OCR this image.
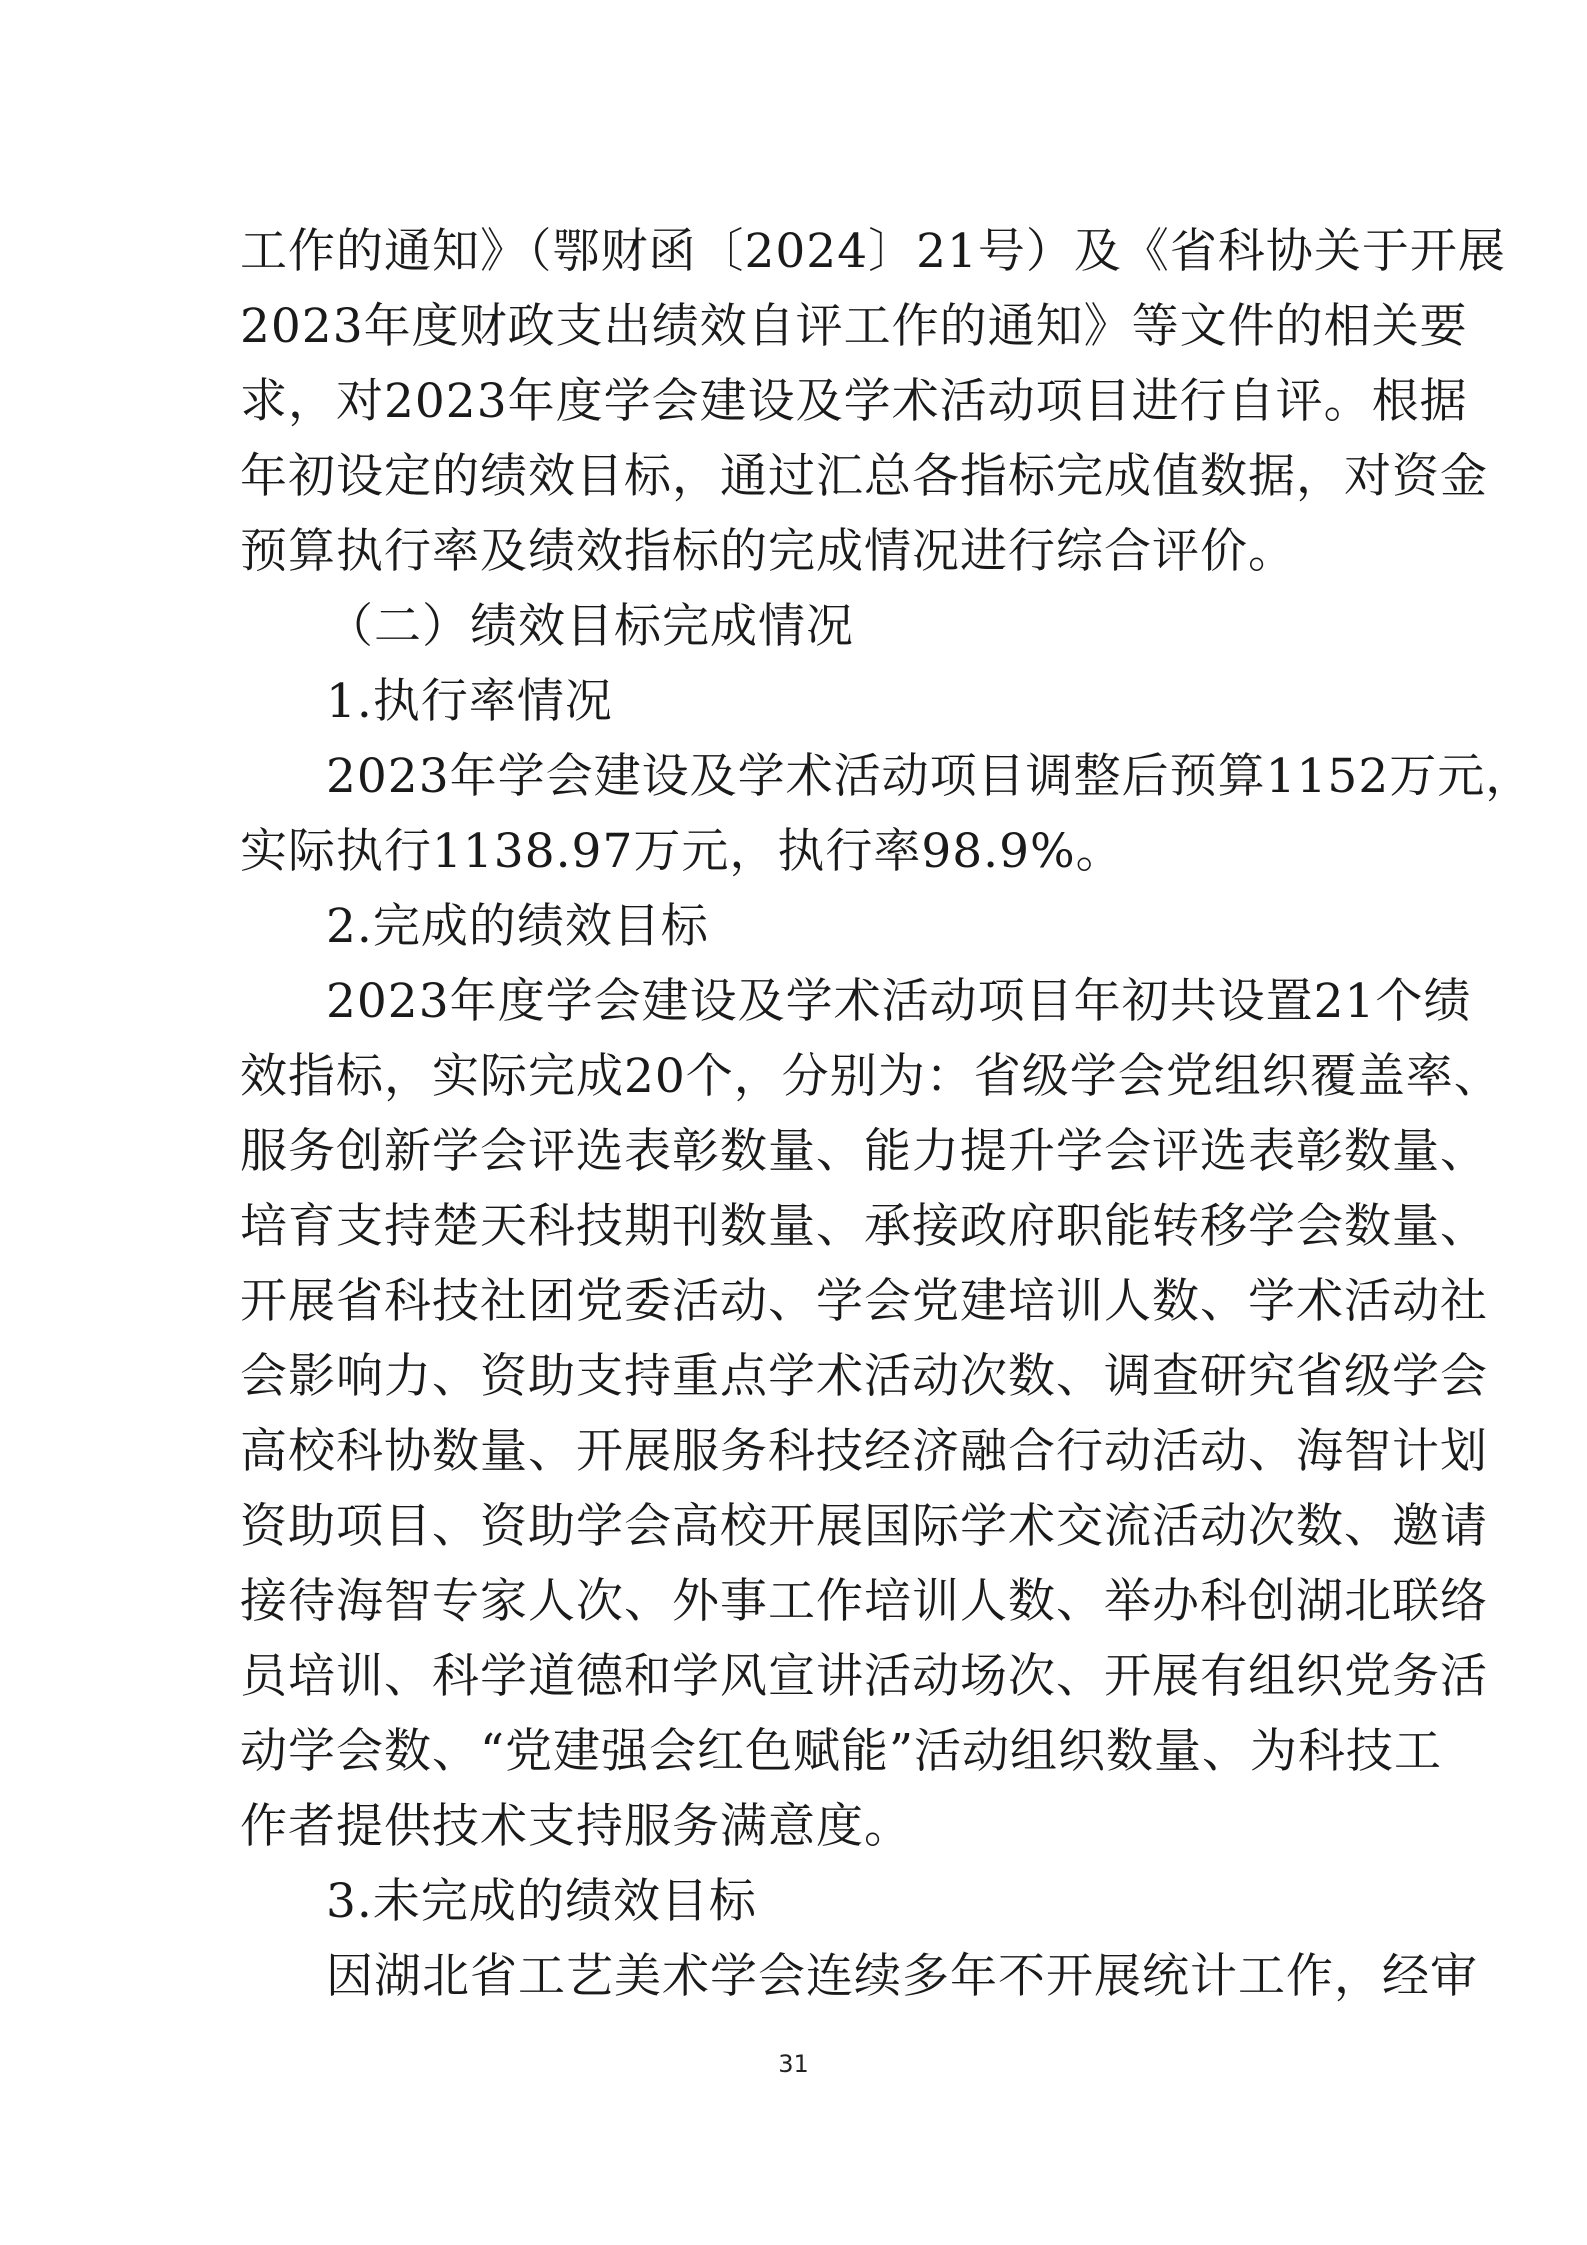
工作的通知》（鄂财函〔2024〕21号）及《省科协关于开展
2023年度财政支出绩效自评工作的通知》等文件的相关要
求，对2023年度学会建设及学术活动项目进行自评。根据
年初设定的绩效目标，通过汇总各指标完成值数据，对资金
预算执行率及绩效指标的完成情况进行综合评价。
（二）绩效目标完成情况
1.执行率情况
2023年学会建设及学术活动项目调整后预算1152万元，
实际执行1138.97万元，执行率98.9%。
2.完成的绩效目标
2023年度学会建设及学术活动项目年初共设置21个绩
效指标，实际完成20个，分别为：省级学会党组织覆盖率、
服务创新学会评选表彰数量、能力提升学会评选表彰数量、
培育支持楚天科技期刊数量、承接政府职能转移学会数量、
开展省科技社团党委活动、学会党建培训人数、学术活动社
会影响力、资助支持重点学术活动次数、调查研究省级学会
高校科协数量、开展服务科技经济融合行动活动、海智计划
资助项目、资助学会高校开展国际学术交流活动次数、邀请
接待海智专家人次、外事工作培训人数、举办科创湖北联络
员培训、科学道德和学风宣讲活动场次、开展有组织党务活
动学会数、“党建强会红色赋能”活动组织数量、为科技工
作者提供技术支持服务满意度。
3.未完成的绩效目标
因湖北省工艺美术学会连续多年不开展统计工作，经审
31
